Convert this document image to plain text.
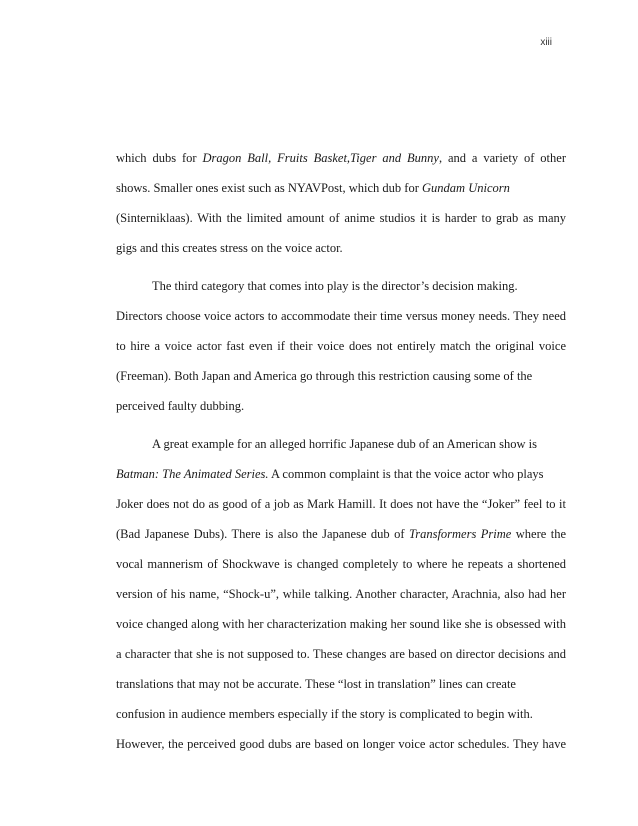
xiii
which dubs for Dragon Ball, Fruits Basket,Tiger and Bunny, and a variety of other
shows. Smaller ones exist such as NYAVPost, which dub for Gundam Unicorn
(Sinterniklaas). With the limited amount of anime studios it is harder to grab as many
gigs and this creates stress on the voice actor.
The third category that comes into play is the director’s decision making.
Directors choose voice actors to accommodate their time versus money needs. They need
to hire a voice actor fast even if their voice does not entirely match the original voice
(Freeman). Both Japan and America go through this restriction causing some of the
perceived faulty dubbing.
A great example for an alleged horrific Japanese dub of an American show is
Batman: The Animated Series. A common complaint is that the voice actor who plays
Joker does not do as good of a job as Mark Hamill. It does not have the “Joker” feel to it
(Bad Japanese Dubs). There is also the Japanese dub of Transformers Prime where the
vocal mannerism of Shockwave is changed completely to where he repeats a shortened
version of his name, “Shock-u”, while talking. Another character, Arachnia, also had her
voice changed along with her characterization making her sound like she is obsessed with
a character that she is not supposed to. These changes are based on director decisions and
translations that may not be accurate. These “lost in translation” lines can create
confusion in audience members especially if the story is complicated to begin with.
However, the perceived good dubs are based on longer voice actor schedules. They have
